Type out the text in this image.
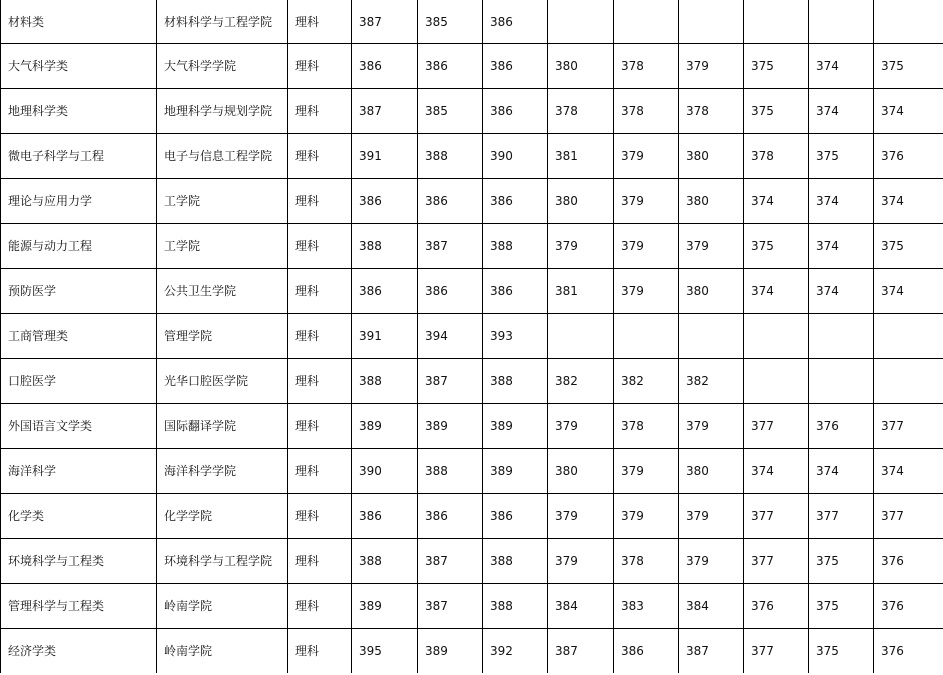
材料类	材料科学与工程学院	理科	387	385	386						
大气科学类	大气科学学院	理科	386	386	386	380	378	379	375	374	375
地理科学类	地理科学与规划学院	理科	387	385	386	378	378	378	375	374	374
微电子科学与工程	电子与信息工程学院	理科	391	388	390	381	379	380	378	375	376
理论与应用力学	工学院	理科	386	386	386	380	379	380	374	374	374
能源与动力工程	工学院	理科	388	387	388	379	379	379	375	374	375
预防医学	公共卫生学院	理科	386	386	386	381	379	380	374	374	374
工商管理类	管理学院	理科	391	394	393						
口腔医学	光华口腔医学院	理科	388	387	388	382	382	382			
外国语言文学类	国际翻译学院	理科	389	389	389	379	378	379	377	376	377
海洋科学	海洋科学学院	理科	390	388	389	380	379	380	374	374	374
化学类	化学学院	理科	386	386	386	379	379	379	377	377	377
环境科学与工程类	环境科学与工程学院	理科	388	387	388	379	378	379	377	375	376
管理科学与工程类	岭南学院	理科	389	387	388	384	383	384	376	375	376
经济学类	岭南学院	理科	395	389	392	387	386	387	377	375	376
